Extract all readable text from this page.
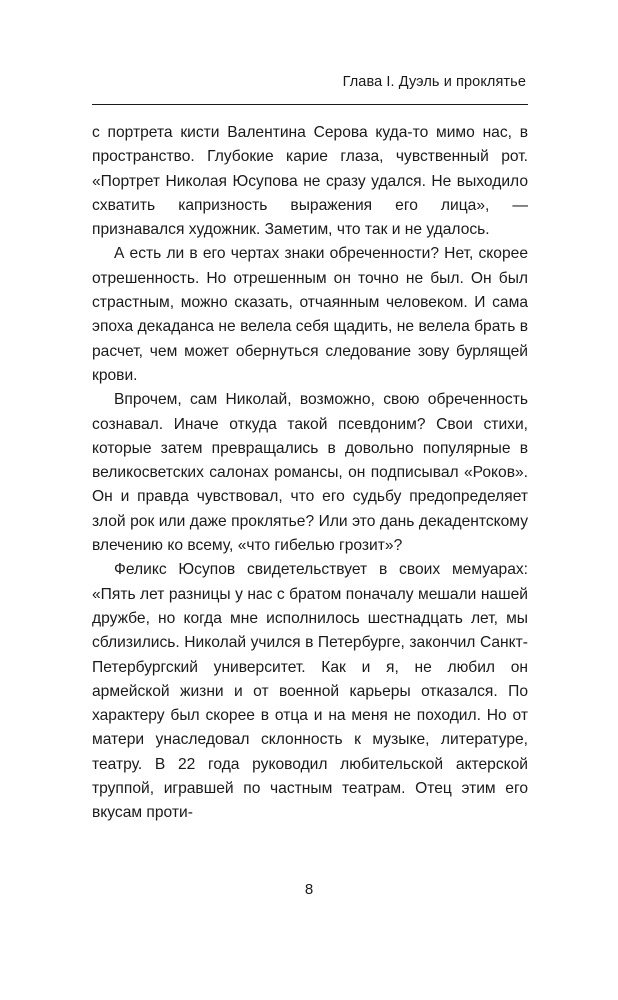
Глава I. Дуэль и проклятье

с портрета кисти Валентина Серова куда-то мимо нас, в пространство. Глубокие карие глаза, чувственный рот. «Портрет Николая Юсупова не сразу удался. Не выходило схватить капризность выражения его лица», — признавался художник. Заметим, что так и не удалось.

А есть ли в его чертах знаки обреченности? Нет, скорее отрешенность. Но отрешенным он точно не был. Он был страстным, можно сказать, отчаянным человеком. И сама эпоха декаданса не велела себя щадить, не велела брать в расчет, чем может обернуться следование зову бурлящей крови.

Впрочем, сам Николай, возможно, свою обреченность сознавал. Иначе откуда такой псевдоним? Свои стихи, которые затем превращались в довольно популярные в великосветских салонах романсы, он подписывал «Роков». Он и правда чувствовал, что его судьбу предопределяет злой рок или даже проклятье? Или это дань декадентскому влечению ко всему, «что гибелью грозит»?

Феликс Юсупов свидетельствует в своих мемуарах: «Пять лет разницы у нас с братом поначалу мешали нашей дружбе, но когда мне исполнилось шестнадцать лет, мы сблизились. Николай учился в Петербурге, закончил Санкт-Петербургский университет. Как и я, не любил он армейской жизни и от военной карьеры отказался. По характеру был скорее в отца и на меня не походил. Но от матери унаследовал склонность к музыке, литературе, театру. В 22 года руководил любительской актерской труппой, игравшей по частным театрам. Отец этим его вкусам проти-

8
